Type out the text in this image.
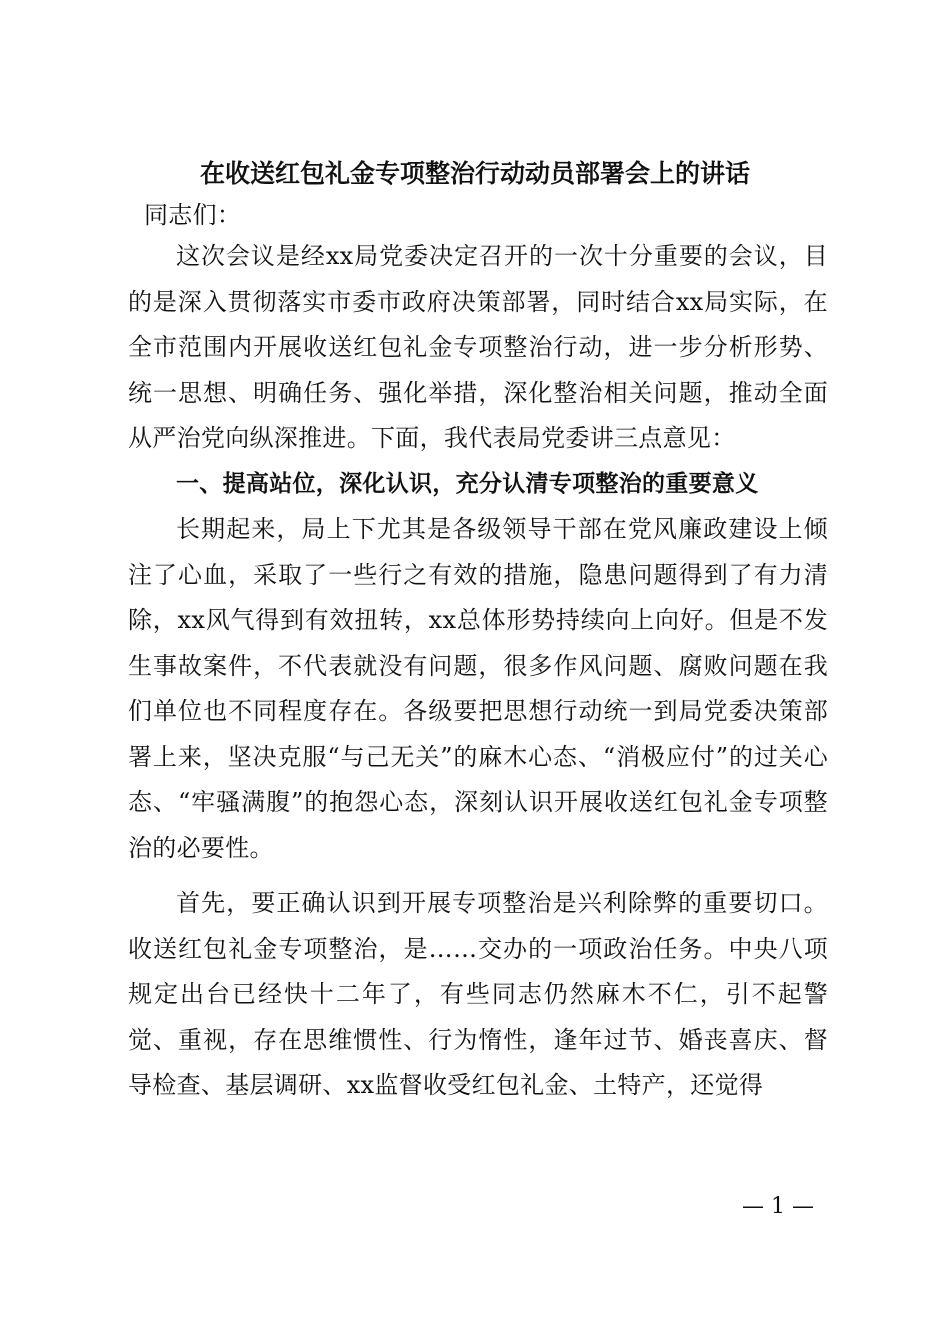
在收送红包礼金专项整治行动动员部署会上的讲话

同志们：

这次会议是经xx局党委决定召开的一次十分重要的会议，目的是深入贯彻落实市委市政府决策部署，同时结合xx局实际，在全市范围内开展收送红包礼金专项整治行动，进一步分析形势、统一思想、明确任务、强化举措，深化整治相关问题，推动全面从严治党向纵深推进。下面，我代表局党委讲三点意见：

一、提高站位，深化认识，充分认清专项整治的重要意义

长期起来，局上下尤其是各级领导干部在党风廉政建设上倾注了心血，采取了一些行之有效的措施，隐患问题得到了有力清除，xx风气得到有效扭转，xx总体形势持续向上向好。但是不发生事故案件，不代表就没有问题，很多作风问题、腐败问题在我们单位也不同程度存在。各级要把思想行动统一到局党委决策部署上来，坚决克服“与己无关”的麻木心态、“消极应付”的过关心态、“牢骚满腹”的抱怨心态，深刻认识开展收送红包礼金专项整治的必要性。

首先，要正确认识到开展专项整治是兴利除弊的重要切口。收送红包礼金专项整治，是……交办的一项政治任务。中央八项规定出台已经快十二年了，有些同志仍然麻木不仁，引不起警觉、重视，存在思维惯性、行为惰性，逢年过节、婚丧喜庆、督导检查、基层调研、xx监督收受红包礼金、土特产，还觉得

— 1 —
